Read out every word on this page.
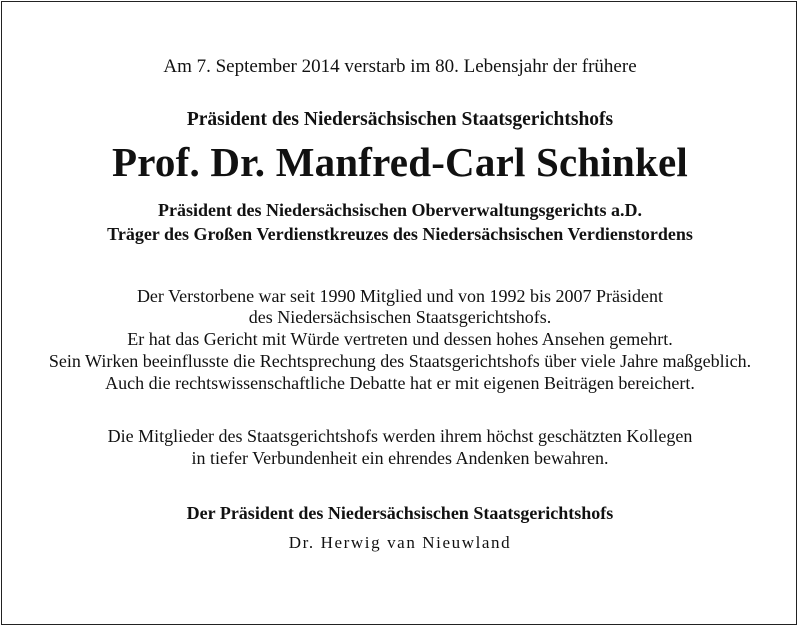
Am 7. September 2014 verstarb im 80. Lebensjahr der frühere
Präsident des Niedersächsischen Staatsgerichtshofs
Prof. Dr. Manfred-Carl Schinkel
Präsident des Niedersächsischen Oberverwaltungsgerichts a.D.
Träger des Großen Verdienstkreuzes des Niedersächsischen Verdienstordens
Der Verstorbene war seit 1990 Mitglied und von 1992 bis 2007 Präsident
des Niedersächsischen Staatsgerichtshofs.
Er hat das Gericht mit Würde vertreten und dessen hohes Ansehen gemehrt.
Sein Wirken beeinflusste die Rechtsprechung des Staatsgerichtshofs über viele Jahre maßgeblich.
Auch die rechtswissenschaftliche Debatte hat er mit eigenen Beiträgen bereichert.
Die Mitglieder des Staatsgerichtshofs werden ihrem höchst geschätzten Kollegen
in tiefer Verbundenheit ein ehrendes Andenken bewahren.
Der Präsident des Niedersächsischen Staatsgerichtshofs
Dr. Herwig van Nieuwland
